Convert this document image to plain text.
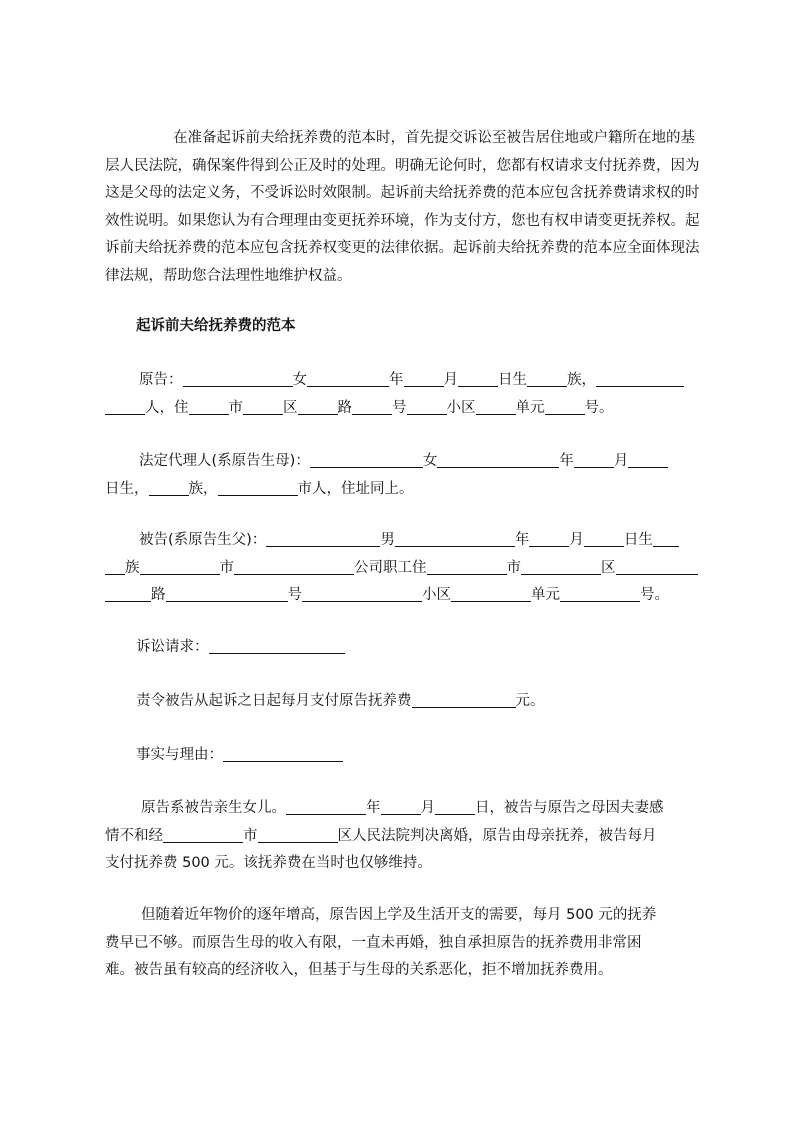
在准备起诉前夫给抚养费的范本时，首先提交诉讼至被告居住地或户籍所在地的基层人民法院，确保案件得到公正及时的处理。明确无论何时，您都有权请求支付抚养费，因为这是父母的法定义务，不受诉讼时效限制。起诉前夫给抚养费的范本应包含抚养费请求权的时效性说明。如果您认为有合理理由变更抚养环境，作为支付方，您也有权申请变更抚养权。起诉前夫给抚养费的范本应包含抚养权变更的法律依据。起诉前夫给抚养费的范本应全面体现法律法规，帮助您合法理性地维护权益。

起诉前夫给抚养费的范本

原告：	女	年	月	日生	族，

人，住	市	区	路	号	小区	单元	号。

法定代理人(系原告生母)：	女	年	月

日生，	族，	市人，住址同上。

被告(系原告生父)：	男	年	月	日生

族	市	公司职工住	市	区

路	号	小区	单元	号。

诉讼请求：

责令被告从起诉之日起每月支付原告抚养费	元。

事实与理由：

原告系被告亲生女儿。	年	月	日，被告与原告之母因夫妻感

情不和经	市	区人民法院判决离婚，原告由母亲抚养，被告每月

支付抚养费 500 元。该抚养费在当时也仅够维持。

但随着近年物价的逐年增高，原告因上学及生活开支的需要，每月 500 元的抚养

费早已不够。而原告生母的收入有限，一直未再婚，独自承担原告的抚养费用非常困

难。被告虽有较高的经济收入，但基于与生母的关系恶化，拒不增加抚养费用。
